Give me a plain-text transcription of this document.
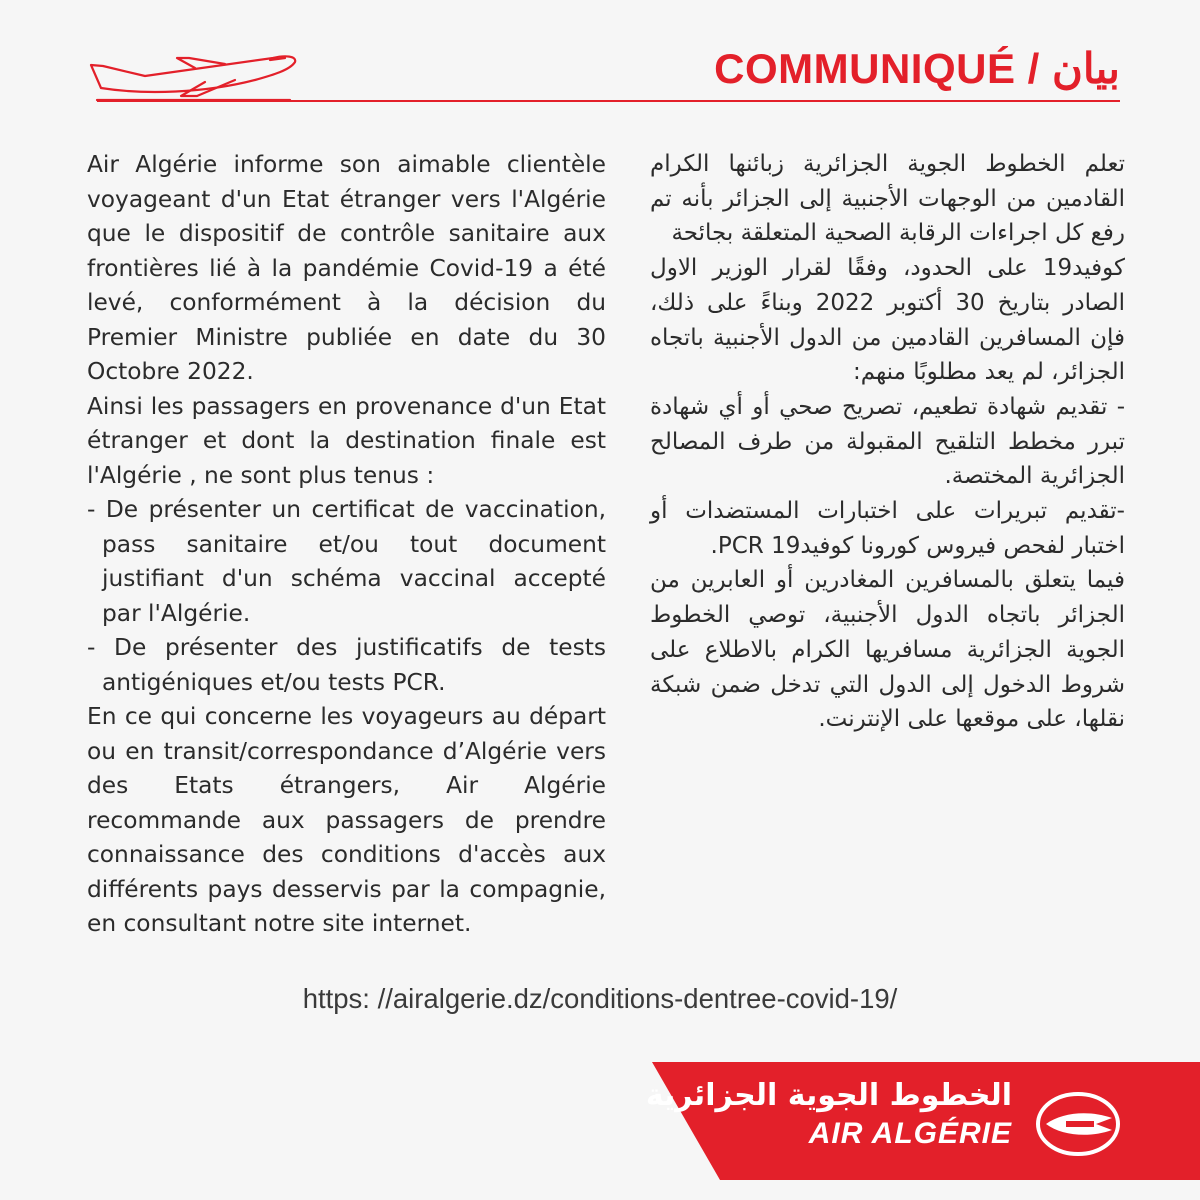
COMMUNIQUÉ / بيان

Air Algérie informe son aimable clientèle voyageant d'un Etat étranger vers l'Algérie que le dispositif de contrôle sanitaire aux frontières lié à la pandémie Covid-19 a été levé, conformément à la décision du Premier Ministre publiée en date du 30 Octobre 2022.

Ainsi les passagers en provenance d'un Etat étranger et dont la destination finale est l'Algérie , ne sont plus tenus :

- De présenter un certificat de vaccination, pass sanitaire et/ou tout document justifiant d'un schéma vaccinal accepté par l'Algérie.

- De présenter des justificatifs de tests antigéniques et/ou tests PCR.

En ce qui concerne les voyageurs au départ ou en transit/correspondance d’Algérie vers des Etats étrangers, Air Algérie recommande aux passagers de prendre connaissance des conditions d'accès aux différents pays desservis par la compagnie, en consultant notre site internet.

تعلم الخطوط الجوية الجزائرية زبائنها الكرام القادمين من الوجهات الأجنبية إلى الجزائر بأنه تم رفع كل اجراءات الرقابة الصحية المتعلقة بجائحة

كوفيد19 على الحدود، وفقًا لقرار الوزير الاول الصادر بتاريخ 30 أكتوبر 2022 وبناءً على ذلك، فإن المسافرين القادمين من الدول الأجنبية باتجاه الجزائر، لم يعد مطلوبًا منهم:

- تقديم شهادة تطعيم، تصريح صحي أو أي شهادة تبرر مخطط التلقيح المقبولة من طرف المصالح الجزائرية المختصة.

-تقديم تبريرات على اختبارات المستضدات أو اختبار لفحص فيروس كورونا كوفيد19 PCR.

فيما يتعلق بالمسافرين المغادرين أو العابرين من الجزائر باتجاه الدول الأجنبية، توصي الخطوط الجوية الجزائرية مسافريها الكرام بالاطلاع على شروط الدخول إلى الدول التي تدخل ضمن شبكة نقلها، على موقعها على الإنترنت.

https: //airalgerie.dz/conditions-dentree-covid-19/
الخطوط الجوية الجزائرية
AIR ALGÉRIE
